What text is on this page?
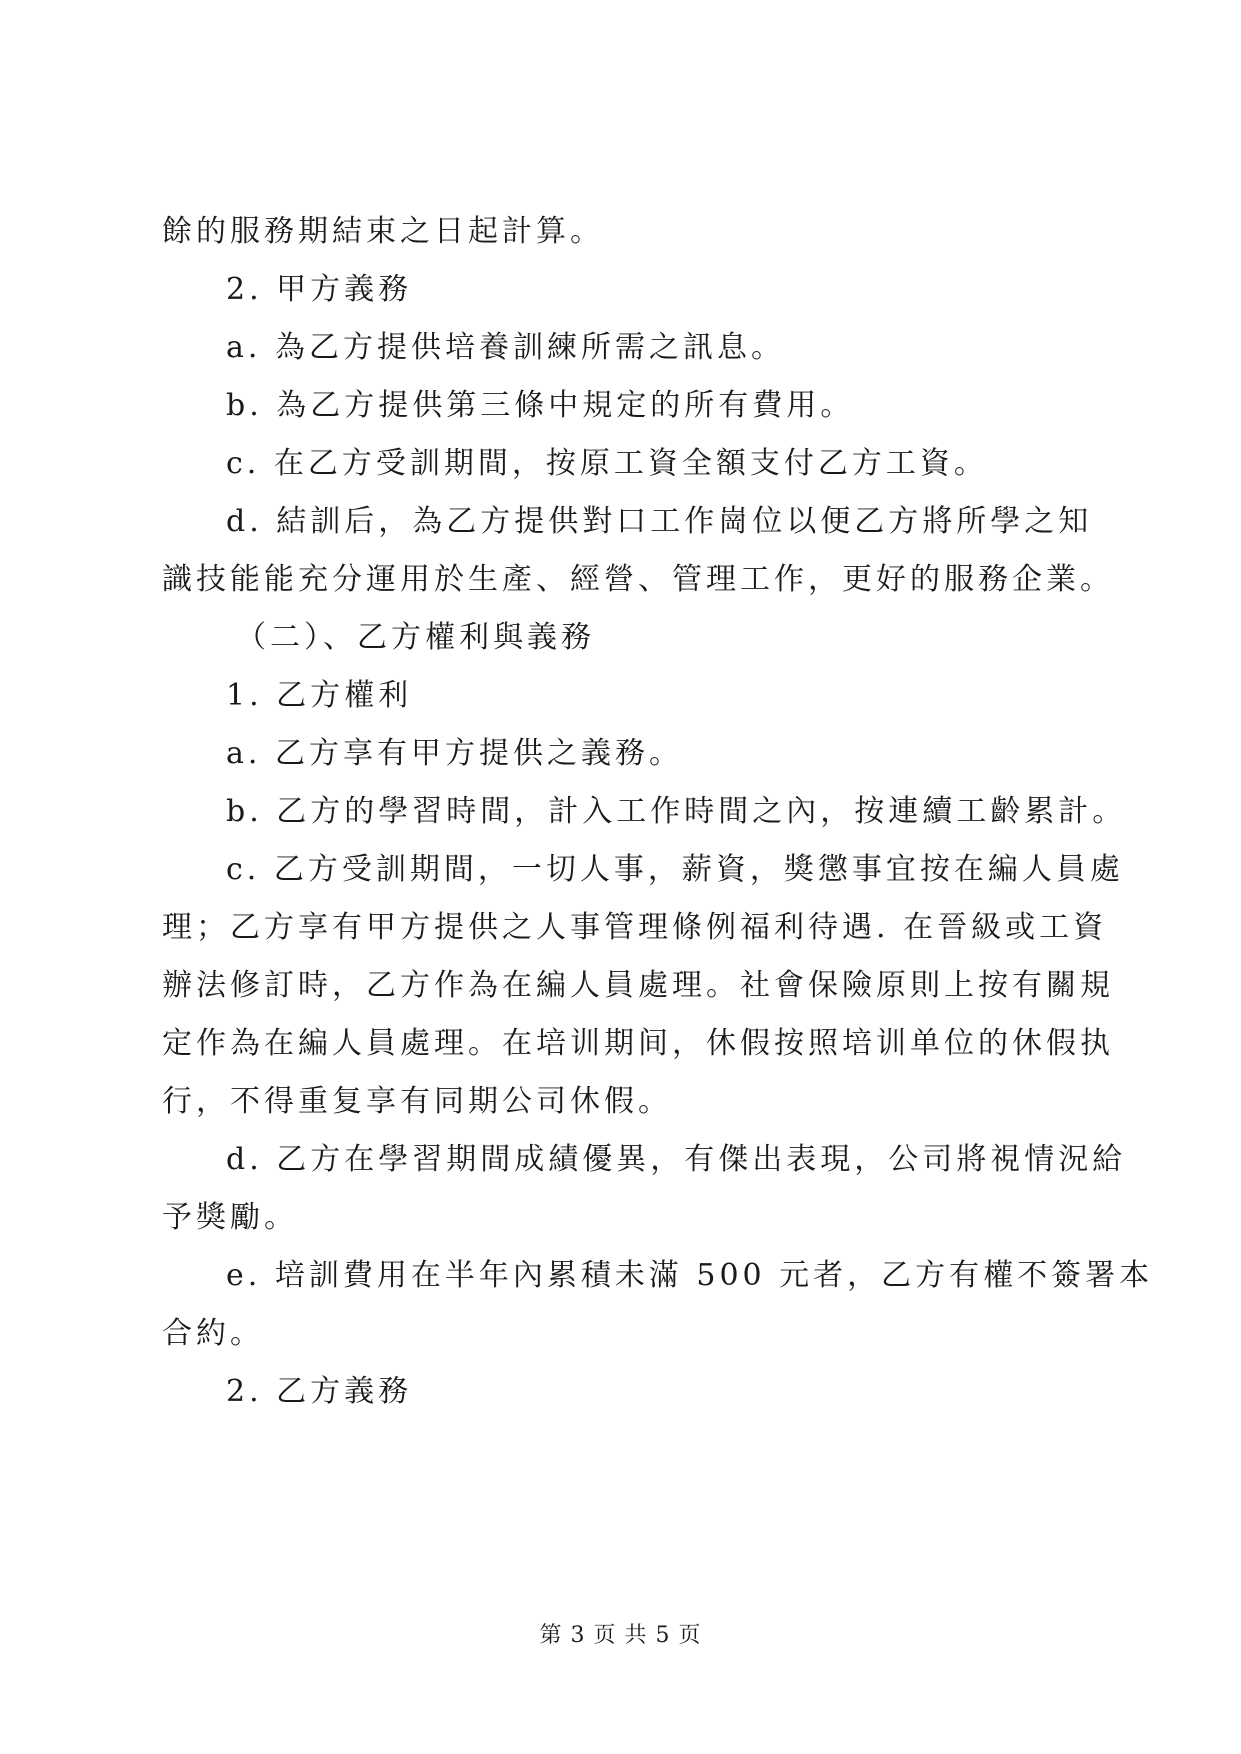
餘的服務期結束之日起計算。

2. 甲方義務

a. 為乙方提供培養訓練所需之訊息。

b. 為乙方提供第三條中規定的所有費用。

c. 在乙方受訓期間，按原工資全額支付乙方工資。

d. 結訓后，為乙方提供對口工作崗位以便乙方將所學之知

識技能能充分運用於生產、經營、管理工作，更好的服務企業。

（二）、乙方權利與義務

1. 乙方權利

a. 乙方享有甲方提供之義務。

b. 乙方的學習時間，計入工作時間之內，按連續工齡累計。

c. 乙方受訓期間，一切人事，薪資，獎懲事宜按在編人員處

理；乙方享有甲方提供之人事管理條例福利待遇. 在晉級或工資

辦法修訂時，乙方作為在編人員處理。社會保險原則上按有關規

定作為在編人員處理。在培训期间，休假按照培训单位的休假执

行，不得重复享有同期公司休假。

d. 乙方在學習期間成績優異，有傑出表現，公司將視情況給

予獎勵。

e. 培訓費用在半年內累積未滿 500 元者，乙方有權不簽署本

合約。

2. 乙方義務

第 3 页 共 5 页
